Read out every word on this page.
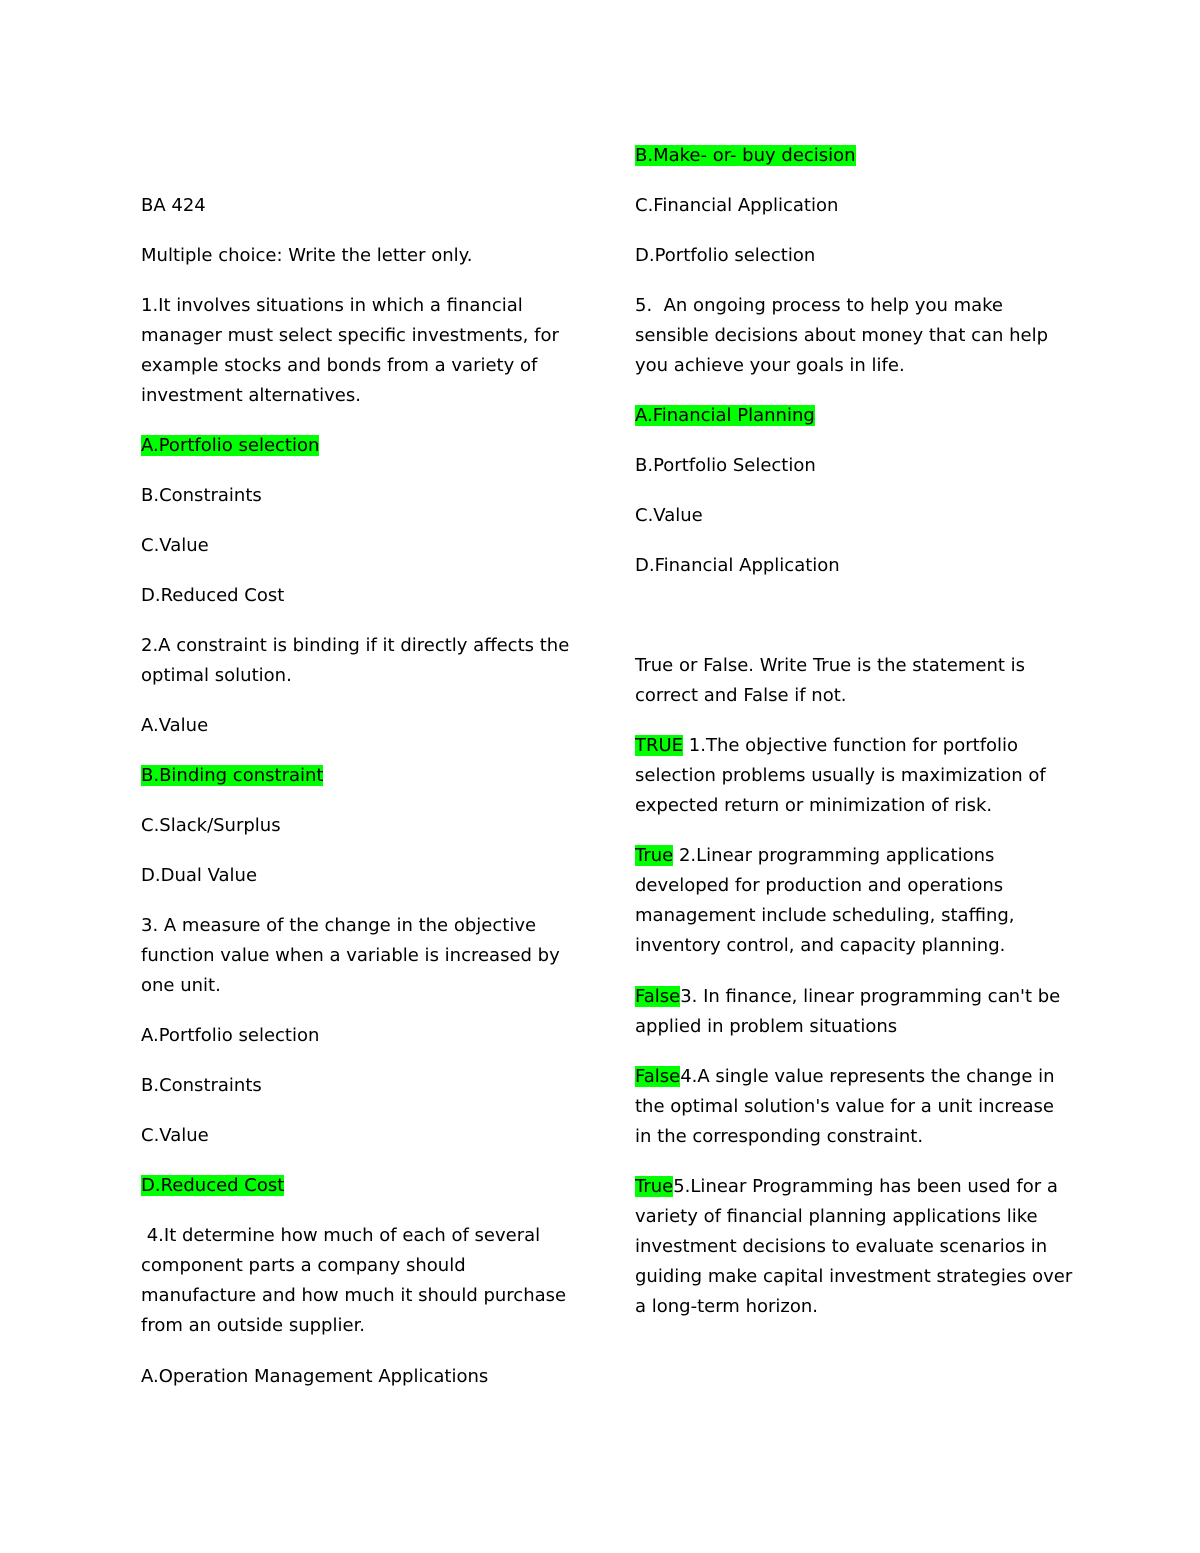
BA 424
Multiple choice: Write the letter only.
1.It involves situations in which a financial
manager must select specific investments, for
example stocks and bonds from a variety of
investment alternatives.
A.Portfolio selection
B.Constraints
C.Value
D.Reduced Cost
2.A constraint is binding if it directly affects the
optimal solution.
A.Value
B.Binding constraint
C.Slack/Surplus
D.Dual Value
3. A measure of the change in the objective
function value when a variable is increased by
one unit.
A.Portfolio selection
B.Constraints
C.Value
D.Reduced Cost
4.It determine how much of each of several
component parts a company should
manufacture and how much it should purchase
from an outside supplier.
A.Operation Management Applications
B.Make- or- buy decision
C.Financial Application
D.Portfolio selection
5.  An ongoing process to help you make
sensible decisions about money that can help
you achieve your goals in life.
A.Financial Planning
B.Portfolio Selection
C.Value
D.Financial Application
True or False. Write True is the statement is
correct and False if not.
TRUE 1.The objective function for portfolio
selection problems usually is maximization of
expected return or minimization of risk.
True 2.Linear programming applications
developed for production and operations
management include scheduling, staffing,
inventory control, and capacity planning.
False3. In finance, linear programming can't be
applied in problem situations
False4.A single value represents the change in
the optimal solution's value for a unit increase
in the corresponding constraint.
True5.Linear Programming has been used for a
variety of financial planning applications like
investment decisions to evaluate scenarios in
guiding make capital investment strategies over
a long-term horizon.
